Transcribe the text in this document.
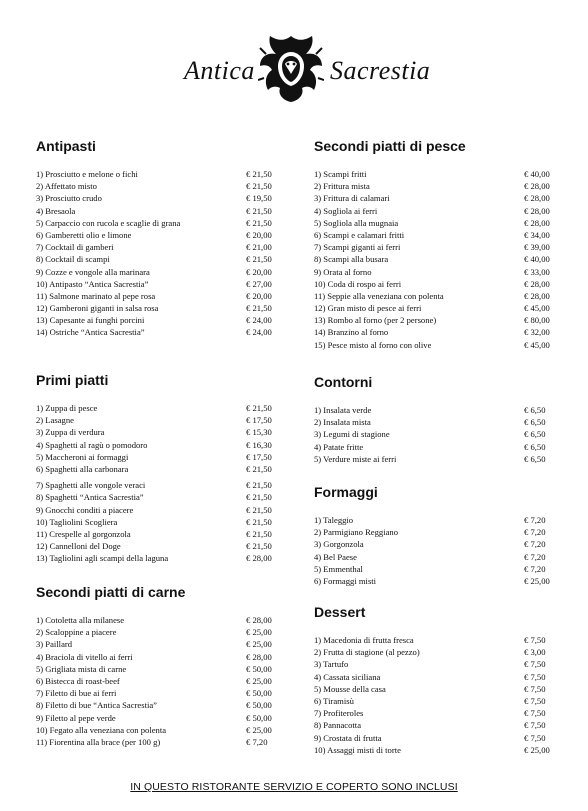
Antica	Sacrestia
Antipasti
1) Prosciutto e melone o fichi	€ 21,50
2) Affettato misto	€ 21,50
3) Prosciutto crudo	€ 19,50
4) Bresaola	€ 21,50
5) Carpaccio con rucola e scaglie di grana	€ 21,50
6) Gamberetti olio e limone	€ 20,00
7) Cocktail di gamberi	€ 21,00
8) Cocktail di scampi	€ 21,50
9) Cozze e vongole alla marinara	€ 20,00
10) Antipasto “Antica Sacrestia”	€ 27,00
11) Salmone marinato al pepe rosa	€ 20,00
12) Gamberoni giganti in salsa rosa	€ 21,50
13) Capesante ai funghi porcini	€ 24,00
14) Ostriche “Antica Sacrestia”	€ 24,00
Primi piatti
1) Zuppa di pesce	€ 21,50
2) Lasagne	€ 17,50
3) Zuppa di verdura	€ 15,30
4) Spaghetti al ragù o pomodoro	€ 16,30
5) Maccheroni ai formaggi	€ 17,50
6) Spaghetti alla carbonara	€ 21,50
7) Spaghetti alle vongole veraci	€ 21,50
8) Spaghetti “Antica Sacrestia”	€ 21,50
9) Gnocchi conditi a piacere	€ 21,50
10) Tagliolini Scogliera	€ 21,50
11) Crespelle al gorgonzola	€ 21,50
12) Cannelloni del Doge	€ 21,50
13) Tagliolini agli scampi della laguna	€ 28,00
Secondi piatti di carne
1) Cotoletta alla milanese	€ 28,00
2) Scaloppine a piacere	€ 25,00
3) Paillard	€ 25,00
4) Braciola di vitello ai ferri	€ 28,00
5) Grigliata mista di carne	€ 50,00
6) Bistecca di roast-beef	€ 25,00
7) Filetto di bue ai ferri	€ 50,00
8) Filetto di bue “Antica Sacrestia”	€ 50,00
9) Filetto al pepe verde	€ 50,00
10) Fegato alla veneziana con polenta	€ 25,00
11) Fiorentina alla brace (per 100 g)	€ 7,20
Secondi piatti di pesce
1) Scampi fritti	€ 40,00
2) Frittura mista	€ 28,00
3) Frittura di calamari	€ 28,00
4) Sogliola ai ferri	€ 28,00
5) Sogliola alla mugnaia	€ 28,00
6) Scampi e calamari fritti	€ 34,00
7) Scampi giganti ai ferri	€ 39,00
8) Scampi alla busara	€ 40,00
9) Orata al forno	€ 33,00
10) Coda di rospo ai ferri	€ 28,00
11) Seppie alla veneziana con polenta	€ 28,00
12) Gran misto di pesce ai ferri	€ 45,00
13) Rombo al forno (per 2 persone)	€ 80,00
14) Branzino al forno	€ 32,00
15) Pesce misto al forno con olive	€ 45,00
Contorni
1) Insalata verde	€ 6,50
2) Insalata mista	€ 6,50
3) Legumi di stagione	€ 6,50
4) Patate fritte	€ 6,50
5) Verdure miste ai ferri	€ 6,50
Formaggi
1) Taleggio	€ 7,20
2) Parmigiano Reggiano	€ 7,20
3) Gorgonzola	€ 7,20
4) Bel Paese	€ 7,20
5) Emmenthal	€ 7,20
6) Formaggi misti	€ 25,00
Dessert
1) Macedonia di frutta fresca	€ 7,50
2) Frutta di stagione (al pezzo)	€ 3,00
3) Tartufo	€ 7,50
4) Cassata siciliana	€ 7,50
5) Mousse della casa	€ 7,50
6) Tiramisù	€ 7,50
7) Profiteroles	€ 7,50
8) Pannacotta	€ 7,50
9) Crostata di frutta	€ 7,50
10) Assaggi misti di torte	€ 25,00
IN QUESTO RISTORANTE SERVIZIO E COPERTO SONO INCLUSI
